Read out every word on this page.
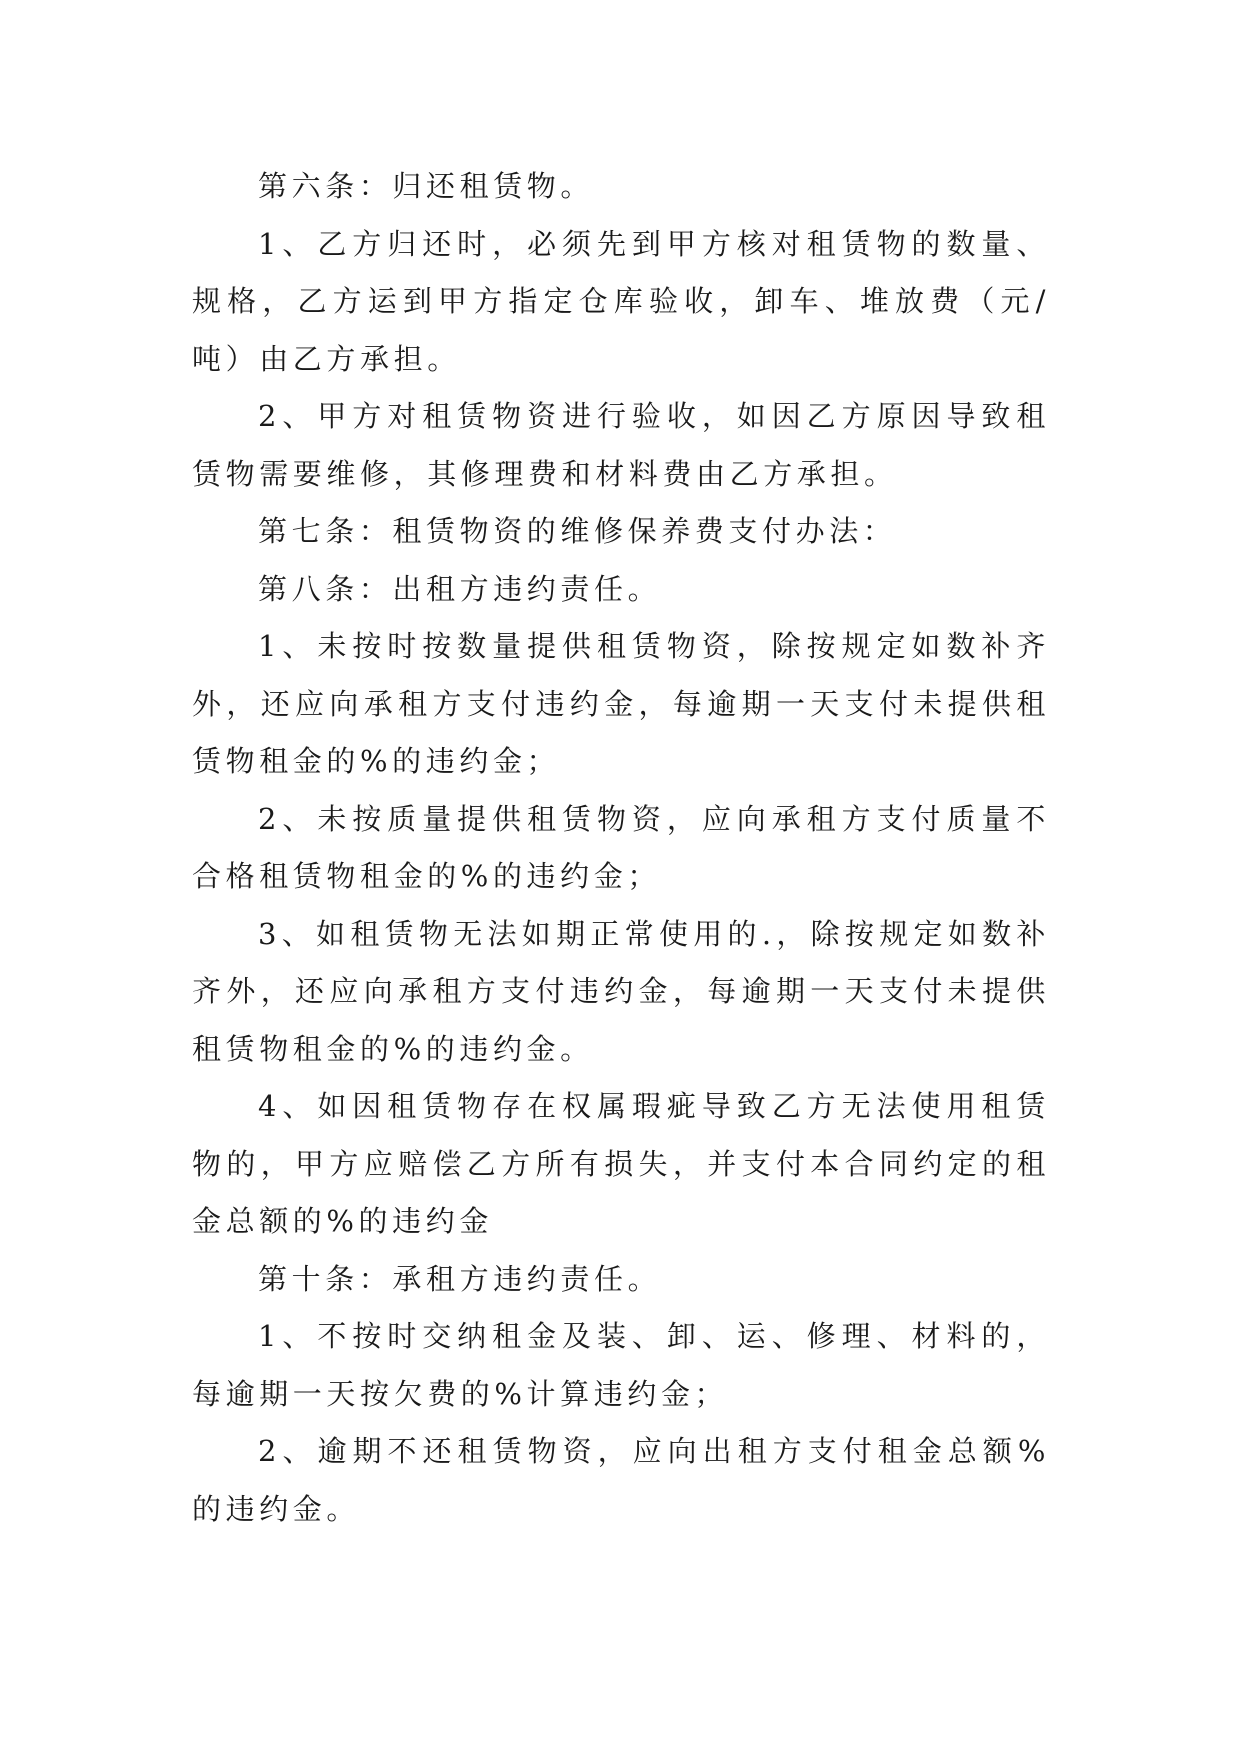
第六条：归还租赁物。

1、乙方归还时，必须先到甲方核对租赁物的数量、规格，乙方运到甲方指定仓库验收，卸车、堆放费（元/吨）由乙方承担。

2、甲方对租赁物资进行验收，如因乙方原因导致租赁物需要维修，其修理费和材料费由乙方承担。

第七条：租赁物资的维修保养费支付办法：

第八条：出租方违约责任。

1、未按时按数量提供租赁物资，除按规定如数补齐外，还应向承租方支付违约金，每逾期一天支付未提供租赁物租金的%的违约金；

2、未按质量提供租赁物资，应向承租方支付质量不合格租赁物租金的%的违约金；

3、如租赁物无法如期正常使用的.，除按规定如数补齐外，还应向承租方支付违约金，每逾期一天支付未提供租赁物租金的%的违约金。

4、如因租赁物存在权属瑕疵导致乙方无法使用租赁物的，甲方应赔偿乙方所有损失，并支付本合同约定的租金总额的%的违约金

第十条：承租方违约责任。

1、不按时交纳租金及装、卸、运、修理、材料的，每逾期一天按欠费的%计算违约金；

2、逾期不还租赁物资，应向出租方支付租金总额%的违约金。
